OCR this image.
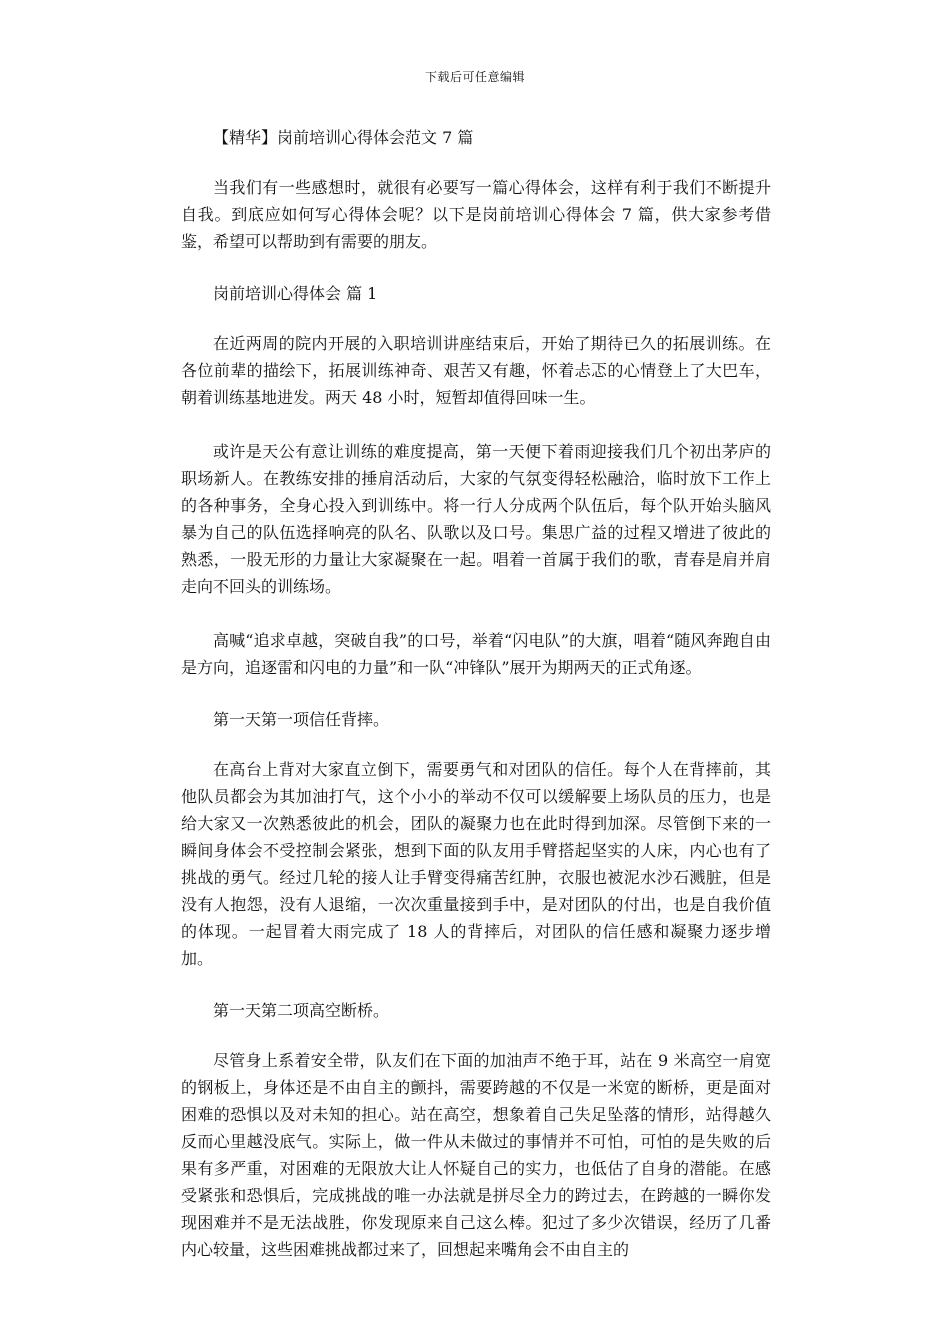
下载后可任意编辑
【精华】岗前培训心得体会范文 7 篇

当我们有一些感想时，就很有必要写一篇心得体会，这样有利于我们不断提升自我。到底应如何写心得体会呢？以下是岗前培训心得体会 7 篇，供大家参考借鉴，希望可以帮助到有需要的朋友。

岗前培训心得体会 篇 1

在近两周的院内开展的入职培训讲座结束后，开始了期待已久的拓展训练。在各位前辈的描绘下，拓展训练神奇、艰苦又有趣，怀着忐忑的心情登上了大巴车，朝着训练基地进发。两天 48 小时，短暂却值得回味一生。

或许是天公有意让训练的难度提高，第一天便下着雨迎接我们几个初出茅庐的职场新人。在教练安排的捶肩活动后，大家的气氛变得轻松融洽，临时放下工作上的各种事务，全身心投入到训练中。将一行人分成两个队伍后，每个队开始头脑风暴为自己的队伍选择响亮的队名、队歌以及口号。集思广益的过程又增进了彼此的熟悉，一股无形的力量让大家凝聚在一起。唱着一首属于我们的歌，青春是肩并肩走向不回头的训练场。

高喊“追求卓越，突破自我”的口号，举着“闪电队”的大旗，唱着“随风奔跑自由是方向，追逐雷和闪电的力量”和一队“冲锋队”展开为期两天的正式角逐。

第一天第一项信任背摔。

在高台上背对大家直立倒下，需要勇气和对团队的信任。每个人在背摔前，其他队员都会为其加油打气，这个小小的举动不仅可以缓解要上场队员的压力，也是给大家又一次熟悉彼此的机会，团队的凝聚力也在此时得到加深。尽管倒下来的一瞬间身体会不受控制会紧张，想到下面的队友用手臂搭起坚实的人床，内心也有了挑战的勇气。经过几轮的接人让手臂变得痛苦红肿，衣服也被泥水沙石溅脏，但是没有人抱怨，没有人退缩，一次次重量接到手中，是对团队的付出，也是自我价值的体现。一起冒着大雨完成了 18 人的背摔后，对团队的信任感和凝聚力逐步增加。

第一天第二项高空断桥。

尽管身上系着安全带，队友们在下面的加油声不绝于耳，站在 9 米高空一肩宽的钢板上，身体还是不由自主的颤抖，需要跨越的不仅是一米宽的断桥，更是面对困难的恐惧以及对未知的担心。站在高空，想象着自己失足坠落的情形，站得越久反而心里越没底气。实际上，做一件从未做过的事情并不可怕，可怕的是失败的后果有多严重，对困难的无限放大让人怀疑自己的实力，也低估了自身的潜能。在感受紧张和恐惧后，完成挑战的唯一办法就是拼尽全力的跨过去，在跨越的一瞬你发现困难并不是无法战胜，你发现原来自己这么棒。犯过了多少次错误，经历了几番内心较量，这些困难挑战都过来了，回想起来嘴角会不由自主的
